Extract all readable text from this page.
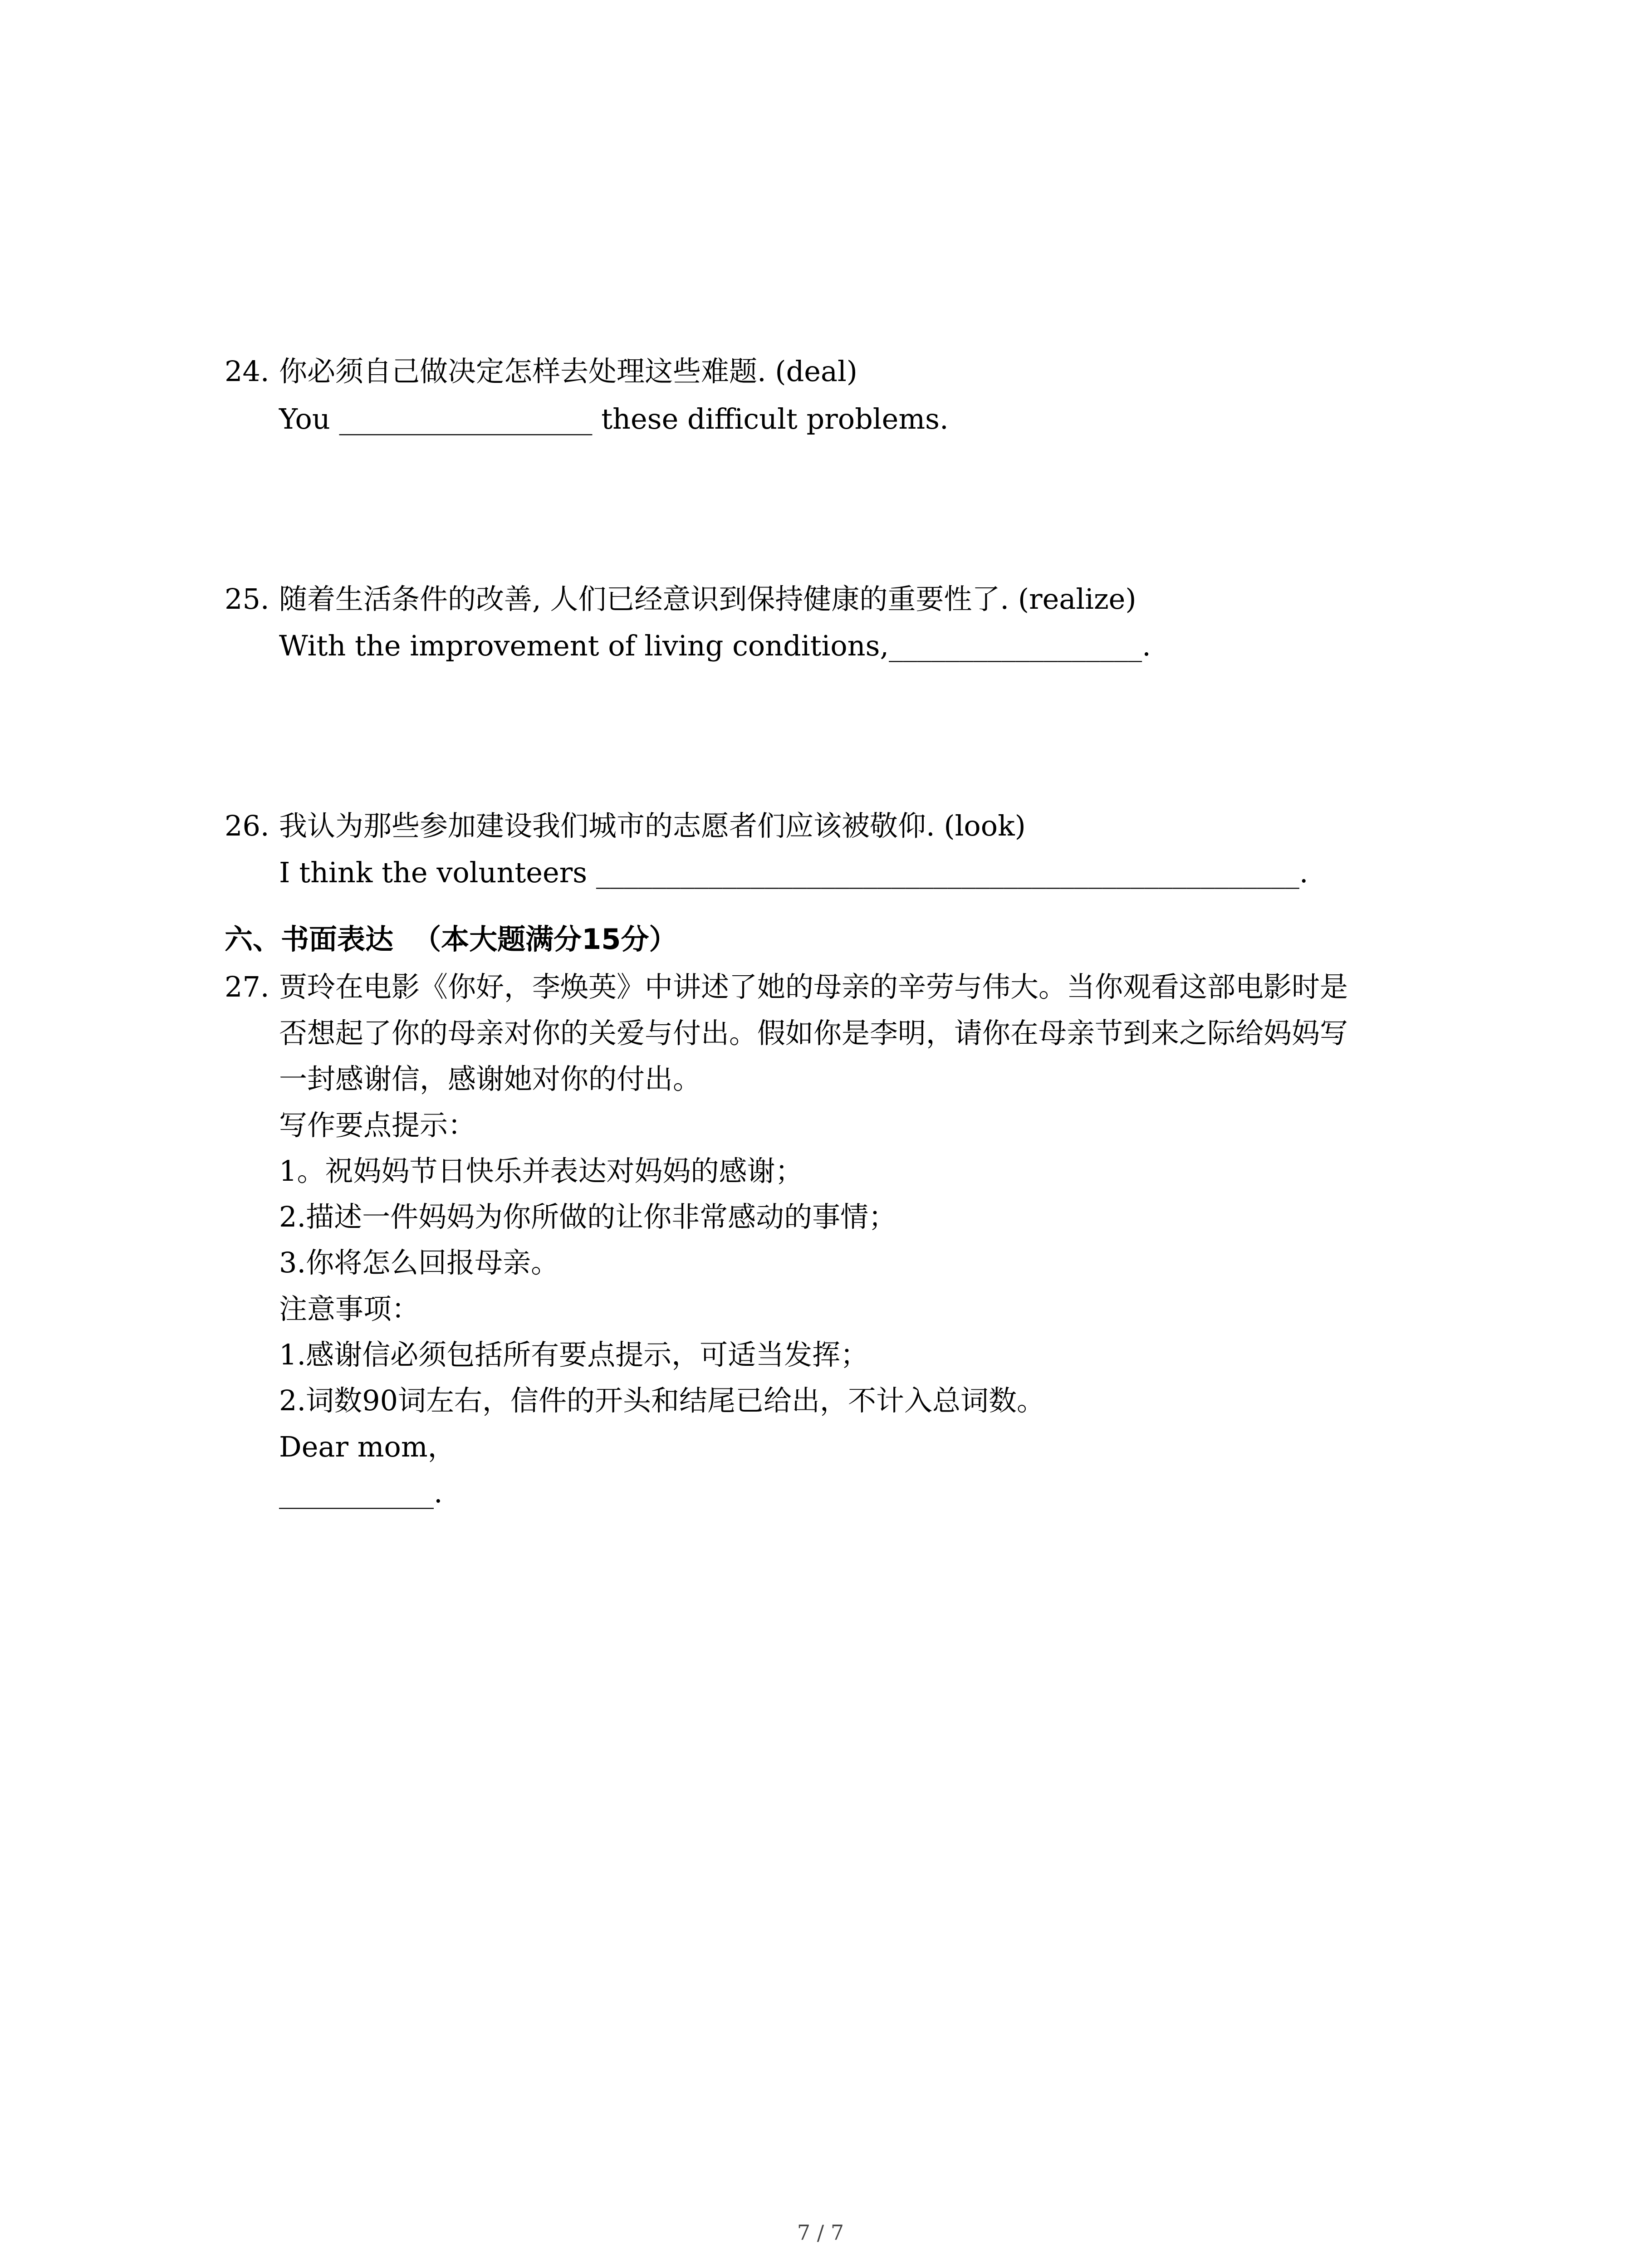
24. 你必须自己做决定怎样去处理这些难题. (deal)
You __________________ these difficult problems.
25. 随着生活条件的改善, 人们已经意识到保持健康的重要性了. (realize)
With the improvement of living conditions,__________________.
26. 我认为那些参加建设我们城市的志愿者们应该被敬仰. (look)
I think the volunteers __________________________________________________.
六、书面表达  （本大题满分15分）
27. 贾玲在电影《你好，李焕英》中讲述了她的母亲的辛劳与伟大。当你观看这部电影时是
否想起了你的母亲对你的关爱与付出。假如你是李明，请你在母亲节到来之际给妈妈写
一封感谢信，感谢她对你的付出。
写作要点提示：
1。祝妈妈节日快乐并表达对妈妈的感谢；
2.描述一件妈妈为你所做的让你非常感动的事情；
3.你将怎么回报母亲。
注意事项：
1.感谢信必须包括所有要点提示，可适当发挥；
2.词数90词左右，信件的开头和结尾已给出，不计入总词数。
Dear mom，
___________.
7 / 7
